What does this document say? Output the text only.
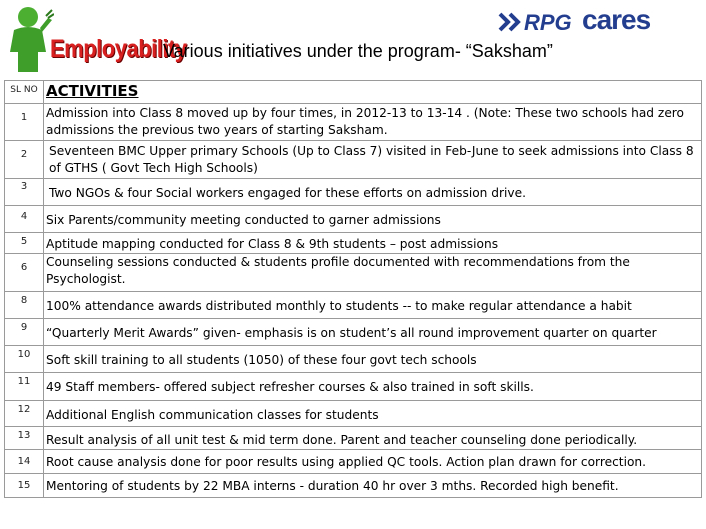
Employability
Various initiatives under the program- “Saksham”
RPG cares
SL NO	ACTIVITIES

1	Admission into Class 8 moved up by four times, in 2012-13 to 13-14 . (Note: These two schools had zero admissions the previous two years of starting Saksham.

2	Seventeen BMC Upper primary Schools (Up to Class 7) visited in Feb-June to seek admissions into Class 8 of GTHS ( Govt Tech High Schools)

3	Two NGOs & four Social workers engaged for these efforts on admission drive.

4	Six Parents/community meeting conducted to garner admissions

5	Aptitude mapping conducted for Class 8 & 9th students – post admissions

6	Counseling sessions conducted & students profile documented with recommendations from the Psychologist.

8	100% attendance awards distributed monthly to students -- to make regular attendance a habit

9	“Quarterly Merit Awards” given- emphasis is on student’s all round improvement quarter on quarter

10	Soft skill training to all students (1050) of these four govt tech schools

11	49 Staff members- offered subject refresher courses & also trained in soft skills.

12	Additional English communication classes for students

13	Result analysis of all unit test & mid term done. Parent and teacher counseling done periodically.

14	Root cause analysis done for poor results using applied QC tools. Action plan drawn for correction.

15	Mentoring of students by 22 MBA interns - duration 40 hr over 3 mths. Recorded high benefit.
